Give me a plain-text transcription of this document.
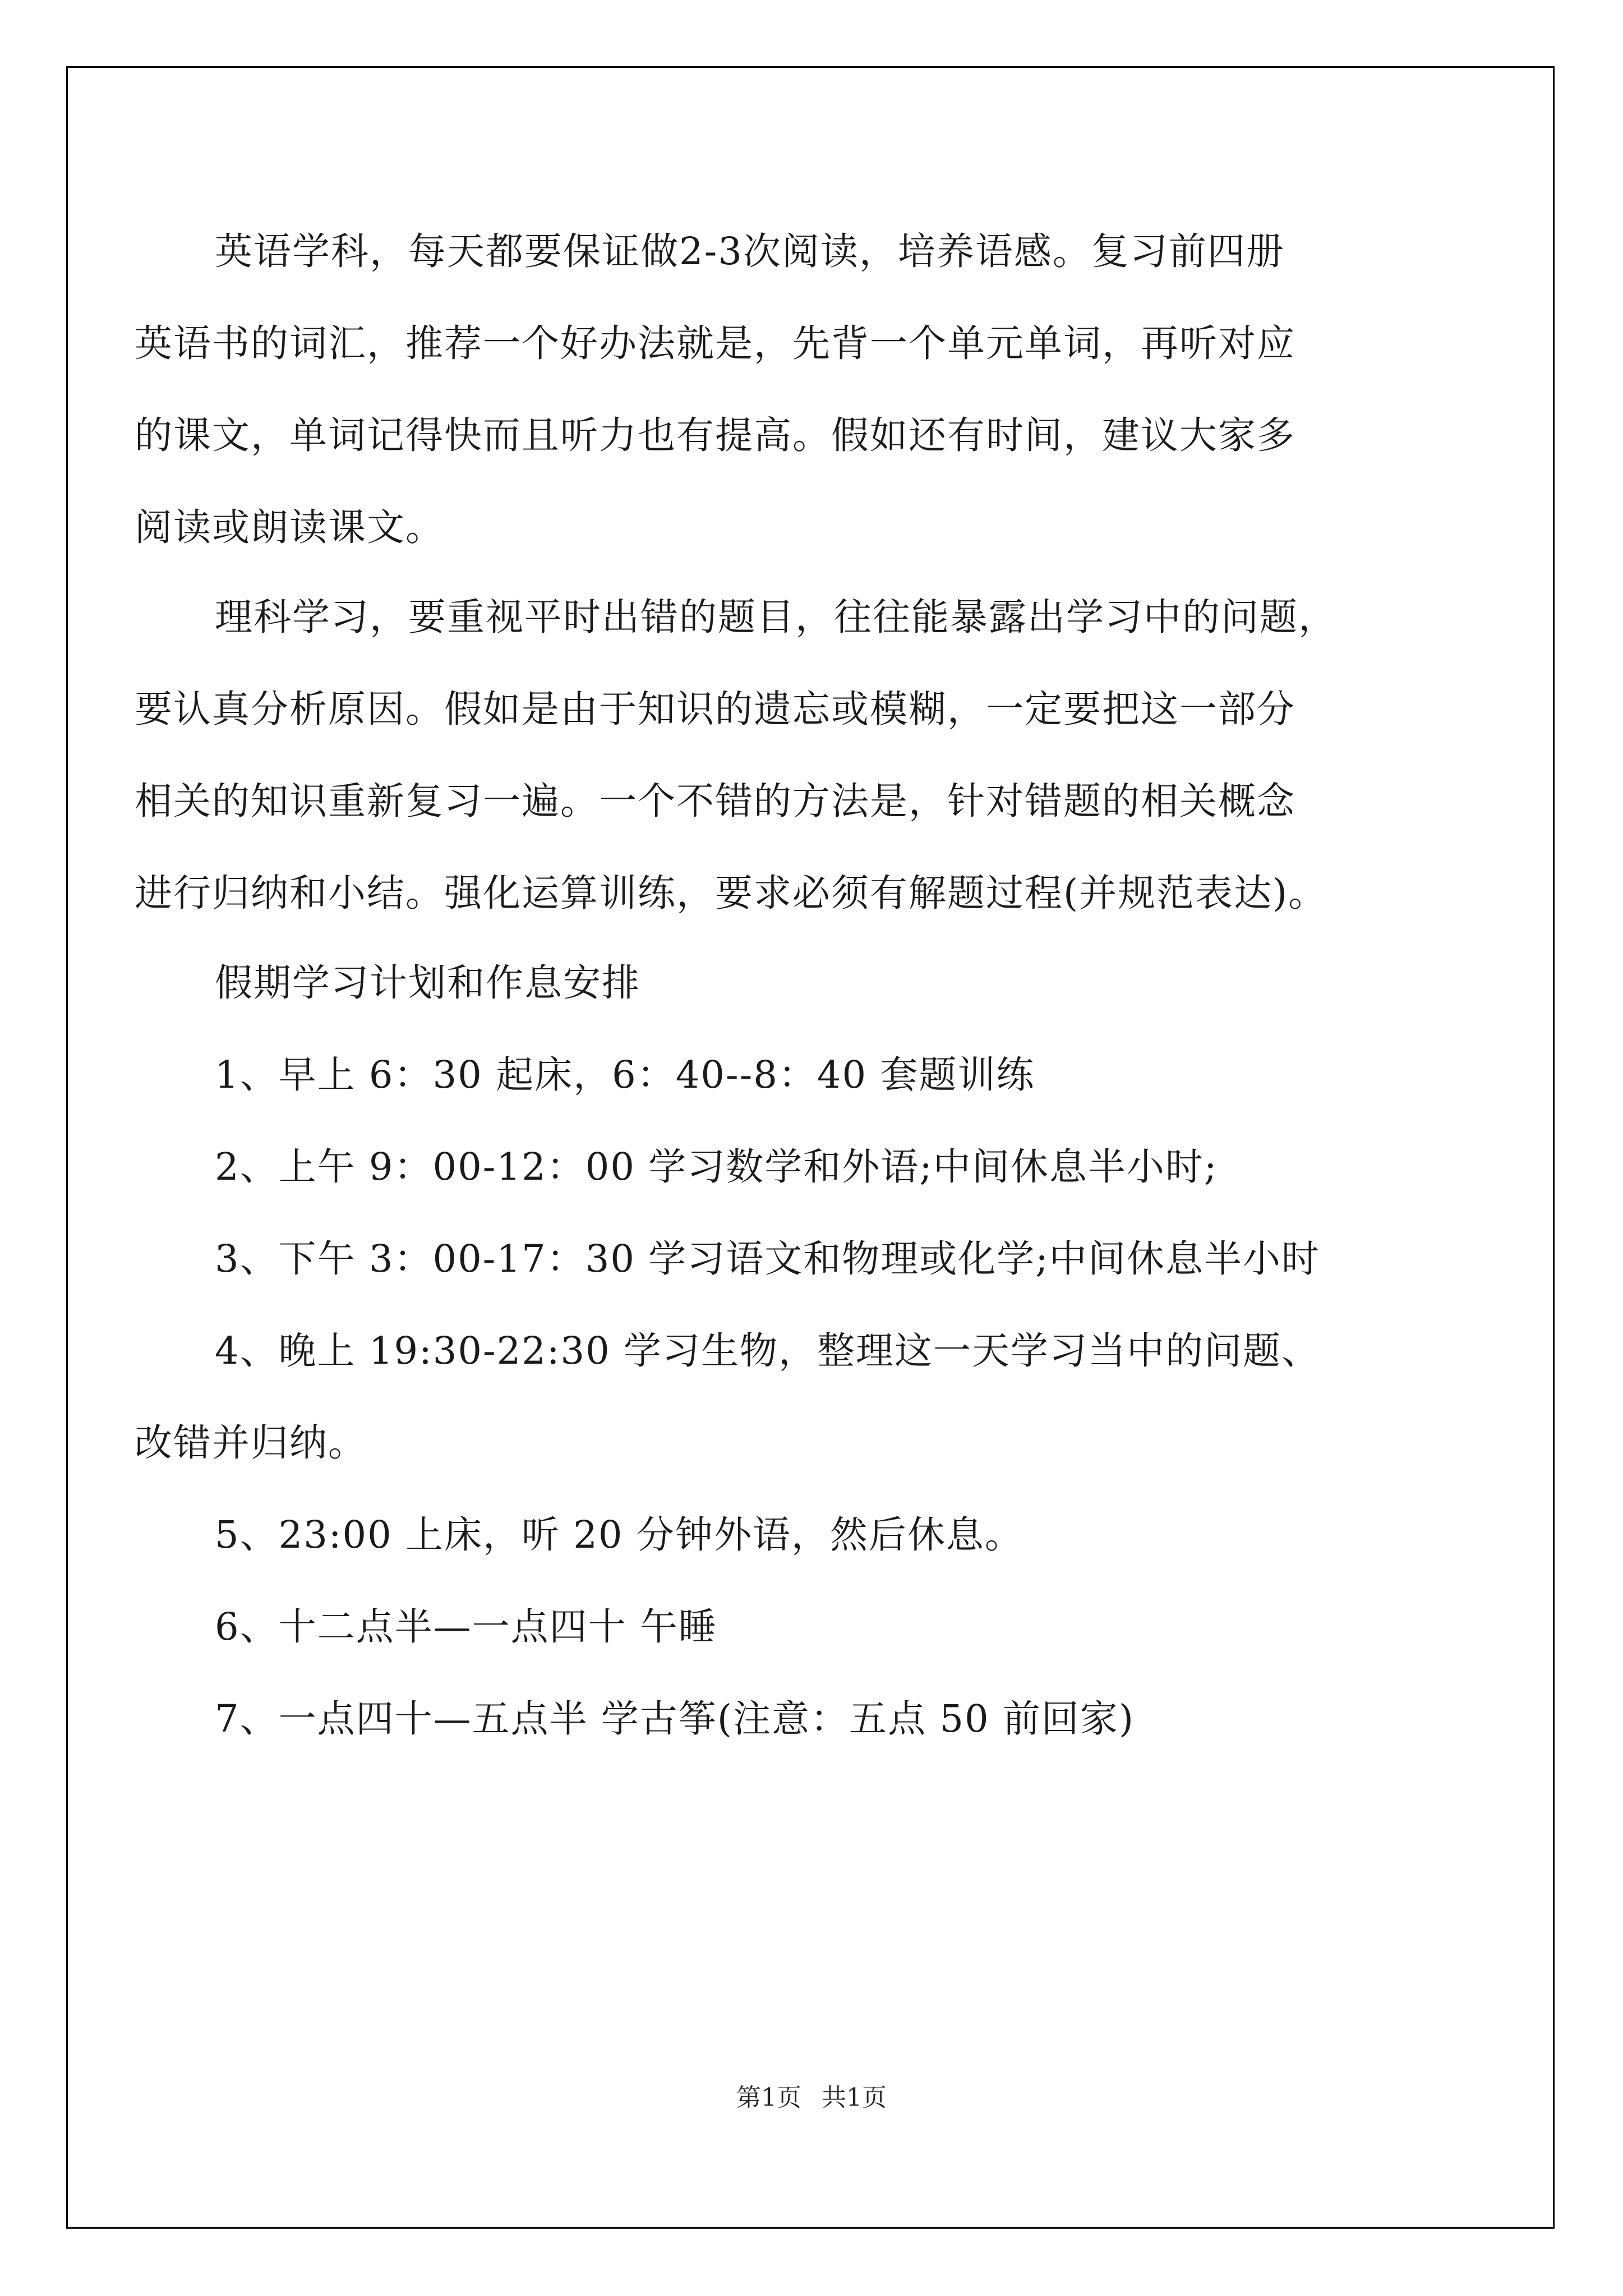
英语学科，每天都要保证做2-3次阅读，培养语感。复习前四册
英语书的词汇，推荐一个好办法就是，先背一个单元单词，再听对应
的课文，单词记得快而且听力也有提高。假如还有时间，建议大家多
阅读或朗读课文。
理科学习，要重视平时出错的题目，往往能暴露出学习中的问题，
要认真分析原因。假如是由于知识的遗忘或模糊，一定要把这一部分
相关的知识重新复习一遍。一个不错的方法是，针对错题的相关概念
进行归纳和小结。强化运算训练，要求必须有解题过程(并规范表达)。
假期学习计划和作息安排
1、早上 6：30 起床，6：40--8：40 套题训练
2、上午 9：00-12：00 学习数学和外语;中间休息半小时;
3、下午 3：00-17：30 学习语文和物理或化学;中间休息半小时
4、晚上 19:30-22:30 学习生物，整理这一天学习当中的问题、
改错并归纳。
5、23:00 上床，听 20 分钟外语，然后休息。
6、十二点半—一点四十 午睡
7、一点四十—五点半 学古筝(注意：五点 50 前回家)
第1页 共1页
